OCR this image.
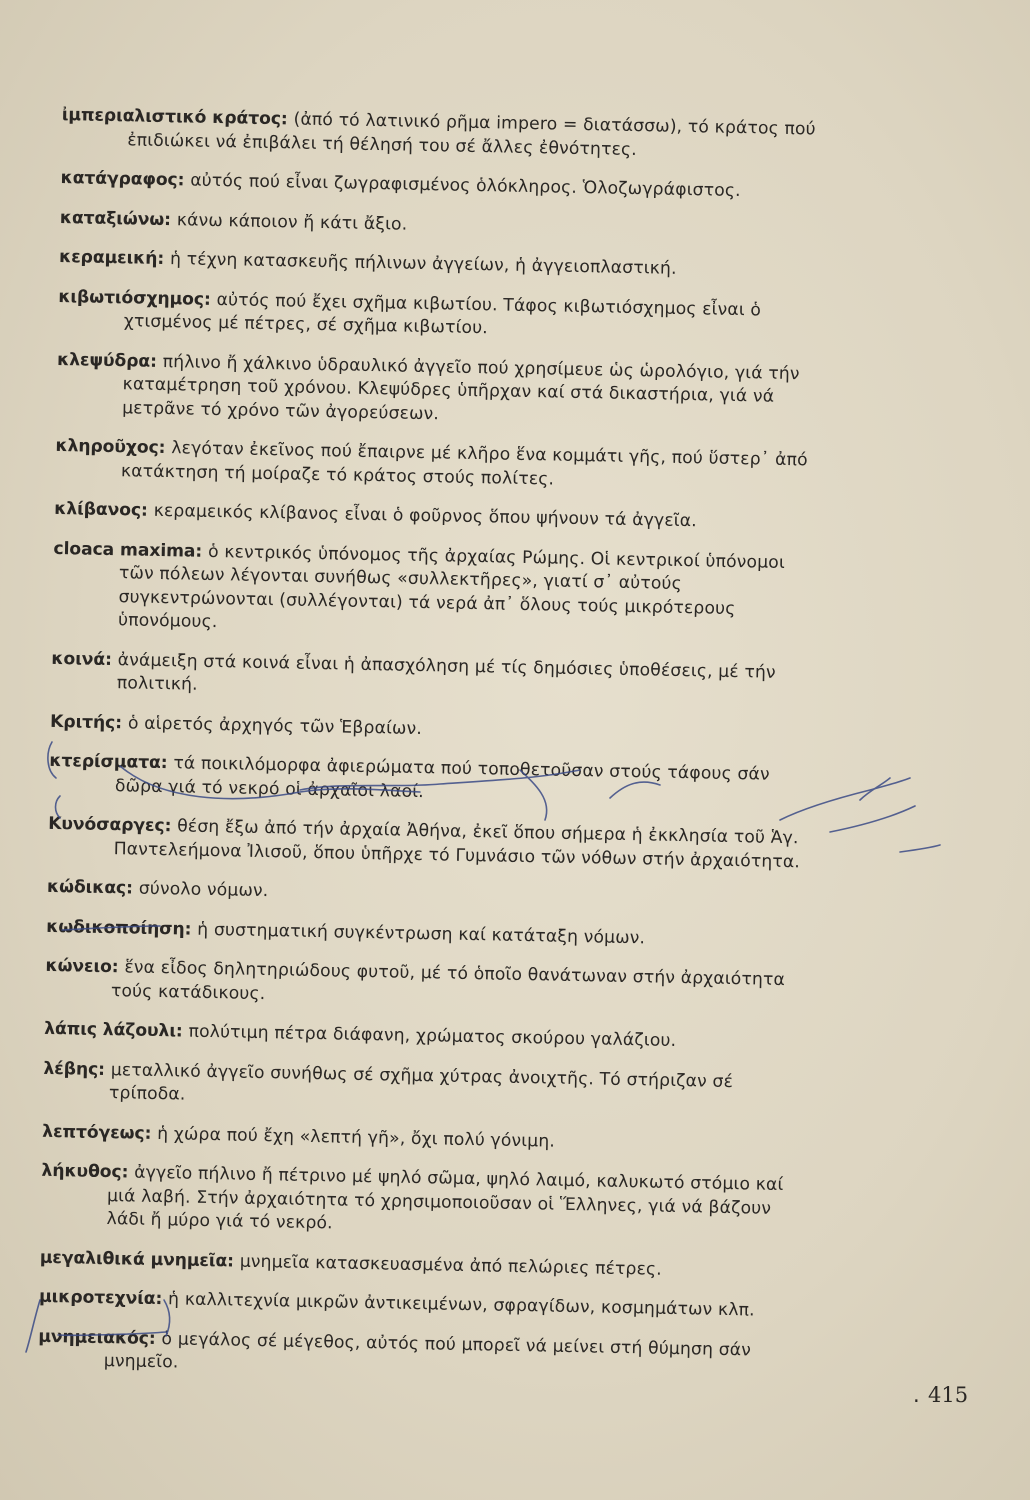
ἰμπεριαλιστικό κράτος : (ἀπό τό λατινικό ρῆμα impero = διατάσσω), τό κράτος πού ἐπιδιώκει νά ἐπιβάλει τή θέλησή του σέ ἄλλες ἐθνότητες.

κατάγραφος : αὐτός πού εἶναι ζωγραφισμένος ὁλόκληρος. Ὁλοζωγράφιστος.

καταξιώνω : κάνω κάποιον ἤ κάτι ἄξιο.

κεραμεική : ἡ τέχνη κατασκευῆς πήλινων ἀγγείων, ἡ ἀγγειοπλαστική.

κιβωτιόσχημος : αὐτός πού ἔχει σχῆμα κιβωτίου. Τάφος κιβωτιόσχημος εἶναι ὁ χτισμένος μέ πέτρες, σέ σχῆμα κιβωτίου.

κλεψύδρα : πήλινο ἤ χάλκινο ὑδραυλικό ἀγγεῖο πού χρησίμευε ὡς ὡρολόγιο, γιά τήν καταμέτρηση τοῦ χρόνου. Κλεψύδρες ὑπῆρχαν καί στά δικαστήρια, γιά νά μετρᾶνε τό χρόνο τῶν ἀγορεύσεων.

κληροῦχος : λεγόταν ἐκεῖνος πού ἔπαιρνε μέ κλῆρο ἕνα κομμάτι γῆς, πού ὕστερ᾽ ἀπό κατάκτηση τή μοίραζε τό κράτος στούς πολίτες.

κλίβανος : κεραμεικός κλίβανος εἶναι ὁ φοῦρνος ὅπου ψήνουν τά ἀγγεῖα.

cloaca maxima : ὁ κεντρικός ὑπόνομος τῆς ἀρχαίας Ρώμης. Οἱ κεντρικοί ὑπόνομοι τῶν πόλεων λέγονται συνήθως «συλλεκτῆρες», γιατί σ᾽ αὐτούς συγκεντρώνονται (συλλέγονται) τά νερά ἀπ᾽ ὅλους τούς μικρότερους ὑπονόμους.

κοινά : ἀνάμειξη στά κοινά εἶναι ἡ ἀπασχόληση μέ τίς δημόσιες ὑποθέσεις, μέ τήν πολιτική.

Κριτής : ὁ αἱρετός ἀρχηγός τῶν Ἑβραίων.

κτερίσματα : τά ποικιλόμορφα ἀφιερώματα πού τοποθετοῦσαν στούς τάφους σάν δῶρα γιά τό νεκρό οἱ ἀρχαῖοι λαοί.

Κυνόσαργες : θέση ἔξω ἀπό τήν ἀρχαία Ἀθήνα, ἐκεῖ ὅπου σήμερα ἡ ἐκκλησία τοῦ Ἁγ. Παντελεήμονα Ἰλισοῦ, ὅπου ὑπῆρχε τό Γυμνάσιο τῶν νόθων στήν ἀρχαιότητα.

κώδικας : σύνολο νόμων.

κωδικοποίηση : ἡ συστηματική συγκέντρωση καί κατάταξη νόμων.

κώνειο : ἕνα εἶδος δηλητηριώδους φυτοῦ, μέ τό ὁποῖο θανάτωναν στήν ἀρχαιότητα τούς κατάδικους.

λάπις λάζουλι : πολύτιμη πέτρα διάφανη, χρώματος σκούρου γαλάζιου.

λέβης : μεταλλικό ἀγγεῖο συνήθως σέ σχῆμα χύτρας ἀνοιχτῆς. Τό στήριζαν σέ τρίποδα.

λεπτόγεως : ἡ χώρα πού ἔχη «λεπτή γῆ», ὄχι πολύ γόνιμη.

λήκυθος : ἀγγεῖο πήλινο ἤ πέτρινο μέ ψηλό σῶμα, ψηλό λαιμό, καλυκωτό στόμιο καί μιά λαβή. Στήν ἀρχαιότητα τό χρησιμοποιοῦσαν οἱ Ἕλληνες, γιά νά βάζουν λάδι ἤ μύρο γιά τό νεκρό.

μεγαλιθικά μνημεῖα : μνημεῖα κατασκευασμένα ἀπό πελώριες πέτρες.

μικροτεχνία : ἡ καλλιτεχνία μικρῶν ἀντικειμένων, σφραγίδων, κοσμημάτων κλπ.

μνημειακός : ὁ μεγάλος σέ μέγεθος, αὐτός πού μπορεῖ νά μείνει στή θύμηση σάν μνημεῖο.

. 415
